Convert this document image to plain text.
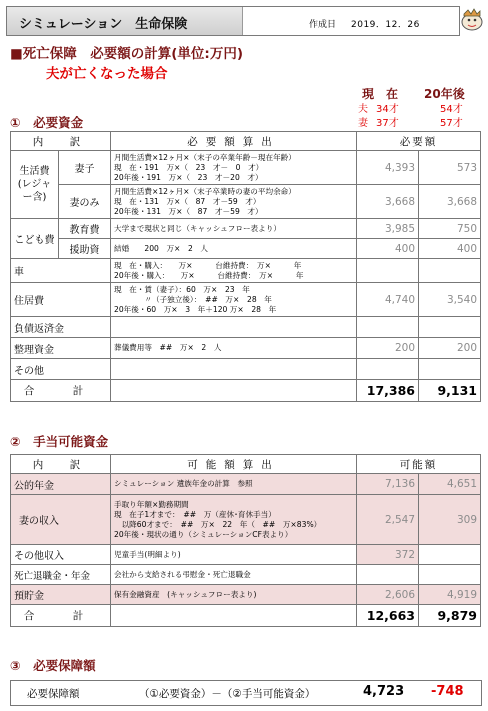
シミュレーション　生命保険	作成日 2019．12．26
■死亡保障　必要額の計算(単位:万円)
夫が亡くなった場合
現　在 20年後
夫 34才	54才
妻 37才	57才
①　必要資金
内　訳		必要額算出	必要額	
生活費(レジャー含)	妻子	月間生活費×12ヶ月×（末子の卒業年齢－現在年齢）
現　在・191　万×（　23　才－　0　才）
20年後・191　万×（　23　才－20　才）	4,393	573
	妻のみ	月間生活費×12ヶ月×（末子卒業時の妻の平均余命）
現　在・131　万×（　87　才－59　才）
20年後・131　万×（　87　才－59　才）	3,668	3,668
こども費	教育費	大学まで現状と同じ（キャッシュフロー表より）	3,985	750
	援助資	結婚　　200　万×　2　人	400	400
車		現　在・購入：　　万×　　　台維持費：　万×　　　年
20年後・購入：　　万×　　　台維持費：　万×　　　年		

住居費		現　在・賃（妻子）：60　万×　23　年
　　　　〃（子独立後）：　##　万×　28　年
20年後・60　万×　3　年＋120 万×　28　年	4,740	3,540
負債返済金				
整理資金		葬儀費用等　##　万×　2　人	200	200
その他				
合　計			17,386	9,131
②　手当可能資金
内　訳	可能額算出	可能額	
公的年金	シミュレーション 遺族年金の計算　参照	7,136	4,651
妻の収入	手取り年額×勤務期間
現　在子1才まで：　##　万（産休･育休手当）
　以降60才まで：　##　万×　22　年（　##　万×83%）
20年後・現状の通り（シミュレーションCF表より）	2,547	309
その他収入	児童手当(明細より)	372	
死亡退職金・年金	会社から支給される弔慰金・死亡退職金		
預貯金	保有金融資産　(キャッシュフロー表より)	2,606	4,919
合　計		12,663	9,879
③　必要保障額
必要保障額	（①必要資金）－（②手当可能資金）	4,723 -748
